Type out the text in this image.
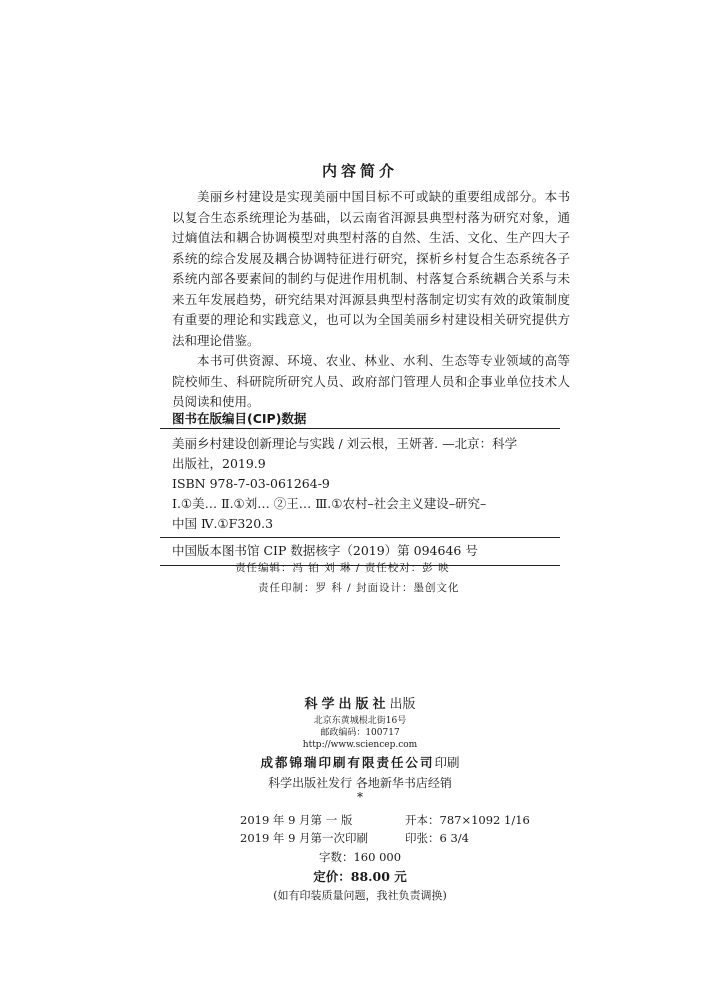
内容简介

美丽乡村建设是实现美丽中国目标不可或缺的重要组成部分。本书以复合生态系统理论为基础，以云南省洱源县典型村落为研究对象，通过熵值法和耦合协调模型对典型村落的自然、生活、文化、生产四大子系统的综合发展及耦合协调特征进行研究，探析乡村复合生态系统各子系统内部各要素间的制约与促进作用机制、村落复合系统耦合关系与未来五年发展趋势，研究结果对洱源县典型村落制定切实有效的政策制度有重要的理论和实践意义，也可以为全国美丽乡村建设相关研究提供方法和理论借鉴。

本书可供资源、环境、农业、林业、水利、生态等专业领域的高等院校师生、科研院所研究人员、政府部门管理人员和企事业单位技术人员阅读和使用。

图书在版编目(CIP)数据
美丽乡村建设创新理论与实践 / 刘云根，王妍著. —北京：科学
出版社，2019.9
ISBN 978-7-03-061264-9
Ⅰ.①美… Ⅱ.①刘… ②王… Ⅲ.①农村–社会主义建设–研究–
中国 Ⅳ.①F320.3
中国版本图书馆 CIP 数据核字（2019）第 094646 号
责任编辑：冯 铂 刘 琳 / 责任校对：彭 映
责任印制：罗 科 / 封面设计：墨创文化
科学出版社出版
北京东黄城根北街16号
邮政编码：100717
http://www.sciencep.com
成都锦瑞印刷有限责任公司印刷
科学出版社发行 各地新华书店经销
*
2019 年 9 月第 一 版	开本：787×1092 1/16
2019 年 9 月第一次印刷	印张：6 3/4
字数：160 000
定价：88.00 元
(如有印装质量问题，我社负责调换)
